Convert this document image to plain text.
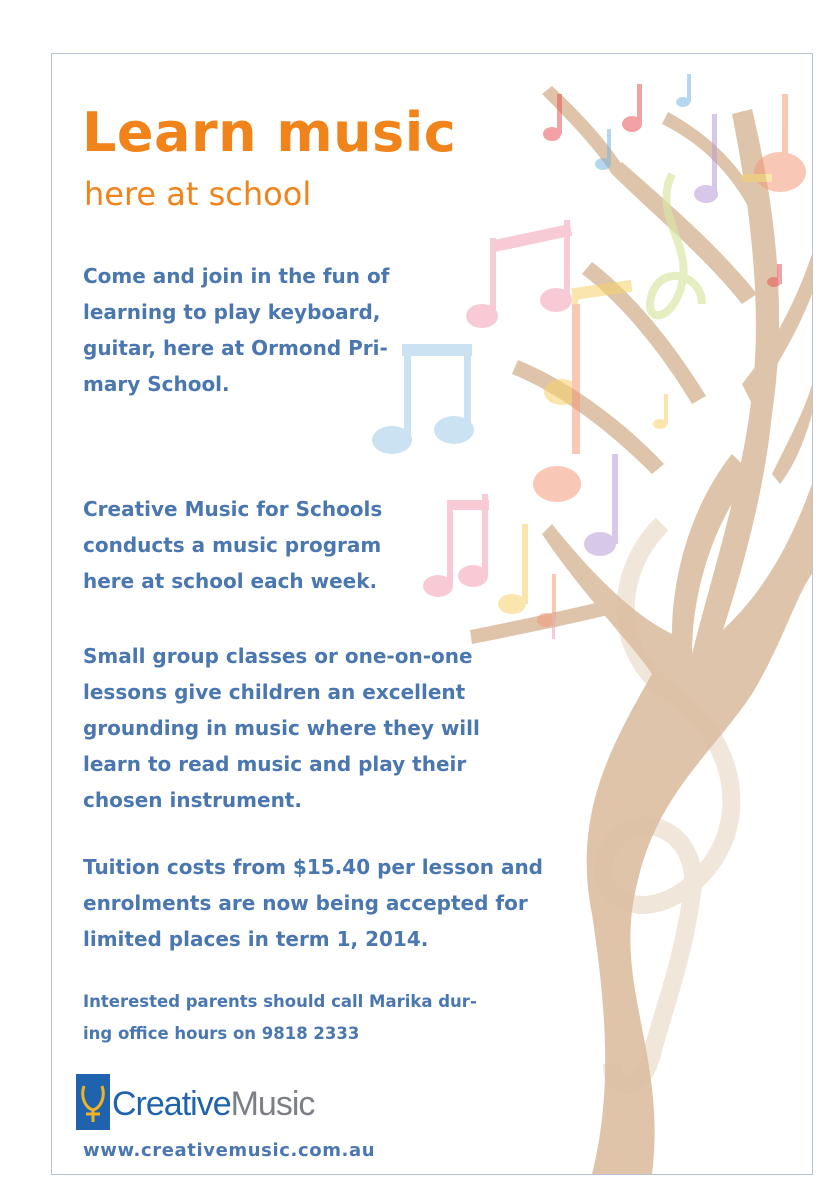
Learn music
here at school
Come and join in the fun of
learning to play keyboard,
guitar, here at Ormond Pri-
mary School.
Creative Music for Schools
conducts a music program
here at school each week.
Small group classes or one-on-one
lessons give children an excellent
grounding in music where they will
learn to read music and play their
chosen instrument.
Tuition costs from $15.40 per lesson and
enrolments are now being accepted for
limited places in term 1, 2014.
Interested parents should call Marika dur-
ing office hours on 9818 2333
CreativeMusic
www.creativemusic.com.au
